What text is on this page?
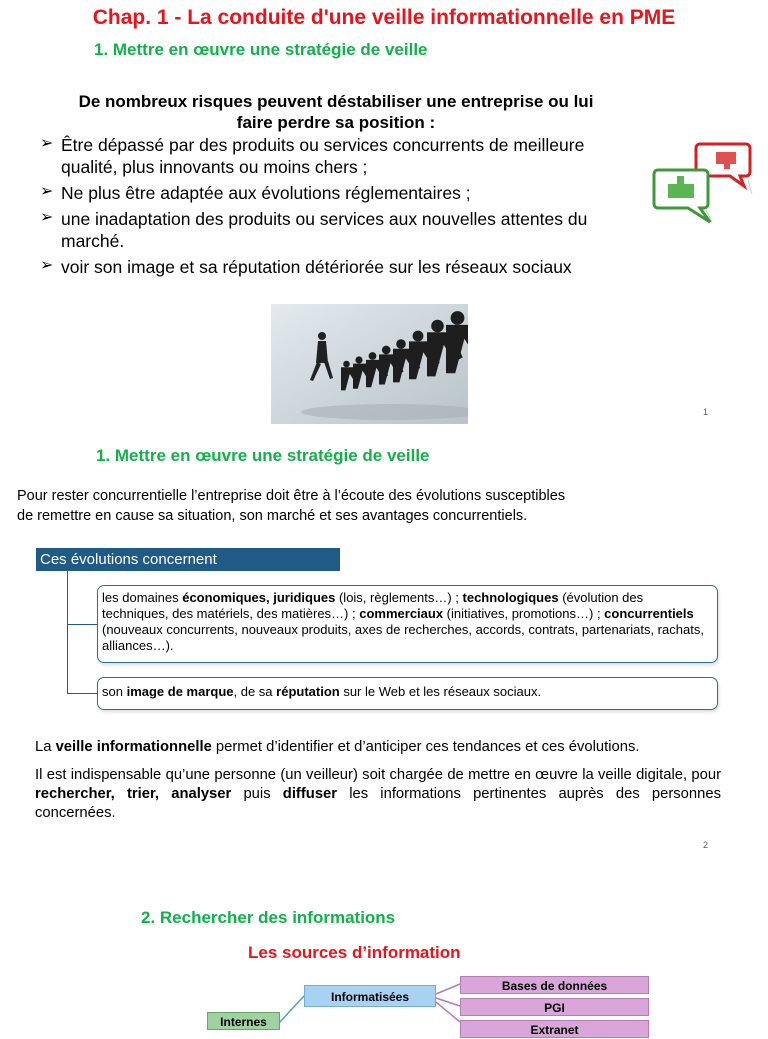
Chap. 1 - La conduite d'une veille informationnelle en PME
1. Mettre en œuvre une stratégie de veille
De nombreux risques peuvent déstabiliser une entreprise ou lui
faire perdre sa position :
➢ Être dépassé par des produits ou services concurrents de meilleure qualité, plus innovants ou moins chers ;
➢ Ne plus être adaptée aux évolutions réglementaires ;
➢ une inadaptation des produits ou services aux nouvelles attentes du marché.
➢ voir son image et sa réputation détériorée sur les réseaux sociaux
1
1. Mettre en œuvre une stratégie de veille
Pour rester concurrentielle l’entreprise doit être à l’écoute des évolutions susceptibles
de remettre en cause sa situation, son marché et ses avantages concurrentiels.
Ces évolutions concernent
les domaines économiques, juridiques (lois, règlements…) ; technologiques (évolution des techniques, des matériels, des matières…) ; commerciaux (initiatives, promotions…) ; concurrentiels (nouveaux concurrents, nouveaux produits, axes de recherches, accords, contrats, partenariats, rachats, alliances…).
son image de marque, de sa réputation sur le Web et les réseaux sociaux.
La veille informationnelle permet d’identifier et d’anticiper ces tendances et ces évolutions.
Il est indispensable qu’une personne (un veilleur) soit chargée de mettre en œuvre la veille digitale, pour rechercher, trier, analyser puis diffuser les informations pertinentes auprès des personnes concernées.
2
2. Rechercher des informations
Les sources d’information
Internes
Informatisées
Bases de données
PGI
Extranet
